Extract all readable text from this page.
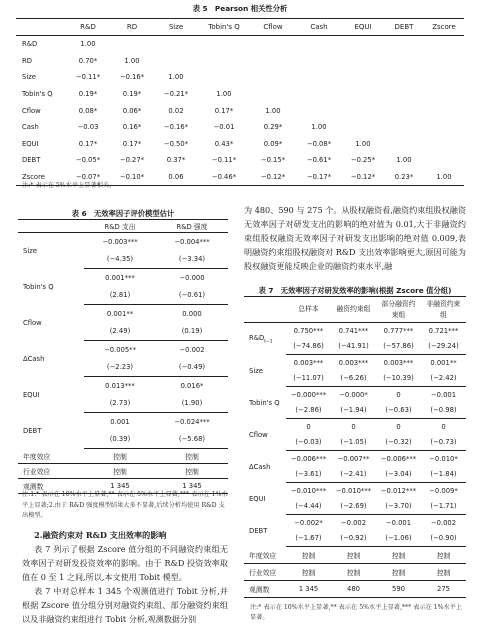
表 5　Pearson 相关性分析
	R&D	RD	Size	Tobin's Q	Cflow	Cash	EQUI	DEBT	Zscore
R&D	1.00								
RD	0.70*	1.00							
Size	−0.11*	−0.16*	1.00						
Tobin's Q	0.19*	0.19*	−0.21*	1.00					
Cflow	0.08*	0.06*	0.02	0.17*	1.00				
Cash	−0.03	0.16*	−0.16*	−0.01	0.29*	1.00			
EQUI	0.17*	0.17*	−0.50*	0.43*	0.09*	−0.08*	1.00		
DEBT	−0.05*	−0.27*	0.37*	−0.11*	−0.15*	−0.61*	−0.25*	1.00	
Zscore	−0.07*	−0.10*	0.06	−0.46*	−0.12*	−0.17*	−0.12*	0.23*	1.00
注:* 表示在 5%水平上显著相关。
表 6　无效率因子评价模型估计
	R&D 支出	R&D 强度
Size	−0.003***	−0.004***
	(−4.35)	(−3.34)
Tobin's Q	0.001***	−0.000
	(2.81)	(−0.61)
Cflow	0.001**	0.000
	(2.49)	(0.19)
ΔCash	−0.005**	−0.002
	(−2.23)	(−0.49)
EQUI	0.013***	0.016*
	(2.73)	(1.90)
DEBT	0.001	−0.024***
	(0.39)	(−5.68)
年度效应	控制	控制
行业效应	控制	控制
观测数	1 345	1 345
注:1.* 表示在 10%水平上显著,** 表示在 5%水平上显著,*** 表示在 1%水平上显著;2.由于 R&D 强度模型结果大多不显著,后续分析均使用 R&D 支出模型。

2.融资约束对 R&D 支出效率的影响

表 7 列示了根据 Zscore 值分组的不同融资约束组无效率因子对研发投资效率的影响。由于 R&D 投资效率取值在 0 至 1 之间,所以,本文使用 Tobit 模型。

表 7 中对总样本 1 345 个观测值进行 Tobit 分析,并根据 Zscore 值分组分别对融资约束组、部分融资约束组以及非融资约束组进行 Tobit 分析,观测数据分别

为 480、590 与 275 个。从股权融资看,融资约束组股权融资无效率因子对研发支出的影响的绝对值为 0.01,大于非融资约束组股权融资无效率因子对研发支出影响的绝对值 0.009,表明融资约束组股权融资对 R&D 支出效率影响更大,原因可能为股权融资更能反映企业的融资约束水平,融

表 7　无效率因子对研发效率的影响(根据 Zscore 值分组)
	总样本	融资约束组	部分融资约束组	非融资约束组
$R\&D_{t-1}$	0.750***	0.741***	0.777***	0.721***
	(−74.86)	(−41.91)	(−57.86)	(−29.24)
Size	0.003***	0.003***	0.003***	0.001**
	(−11.07)	(−6.26)	(−10.39)	(−2.42)
Tobin's Q	−0.000***	−0.000*	0	−0.001
	(−2.86)	(−1.94)	(−0.63)	(−0.98)
Cflow	0	0	0	0
	(−0.03)	(−1.05)	(−0.32)	(−0.73)
ΔCash	−0.006***	−0.007**	−0.006***	−0.010*
	(−3.61)	(−2.41)	(−3.04)	(−1.84)
EQUI	−0.010***	−0.010***	−0.012***	−0.009*
	(−4.44)	(−2.69)	(−3.70)	(−1.71)
DEBT	−0.002*	−0.002	−0.001	−0.002
	(−1.67)	(−0.92)	(−1.06)	(−0.90)
年度效应	控制	控制	控制	控制
行业效应	控制	控制	控制	控制
观测数	1 345	480	590	275
注:* 表示在 10%水平上显著,** 表示在 5%水平上显著,*** 表示在 1%水平上显著。
